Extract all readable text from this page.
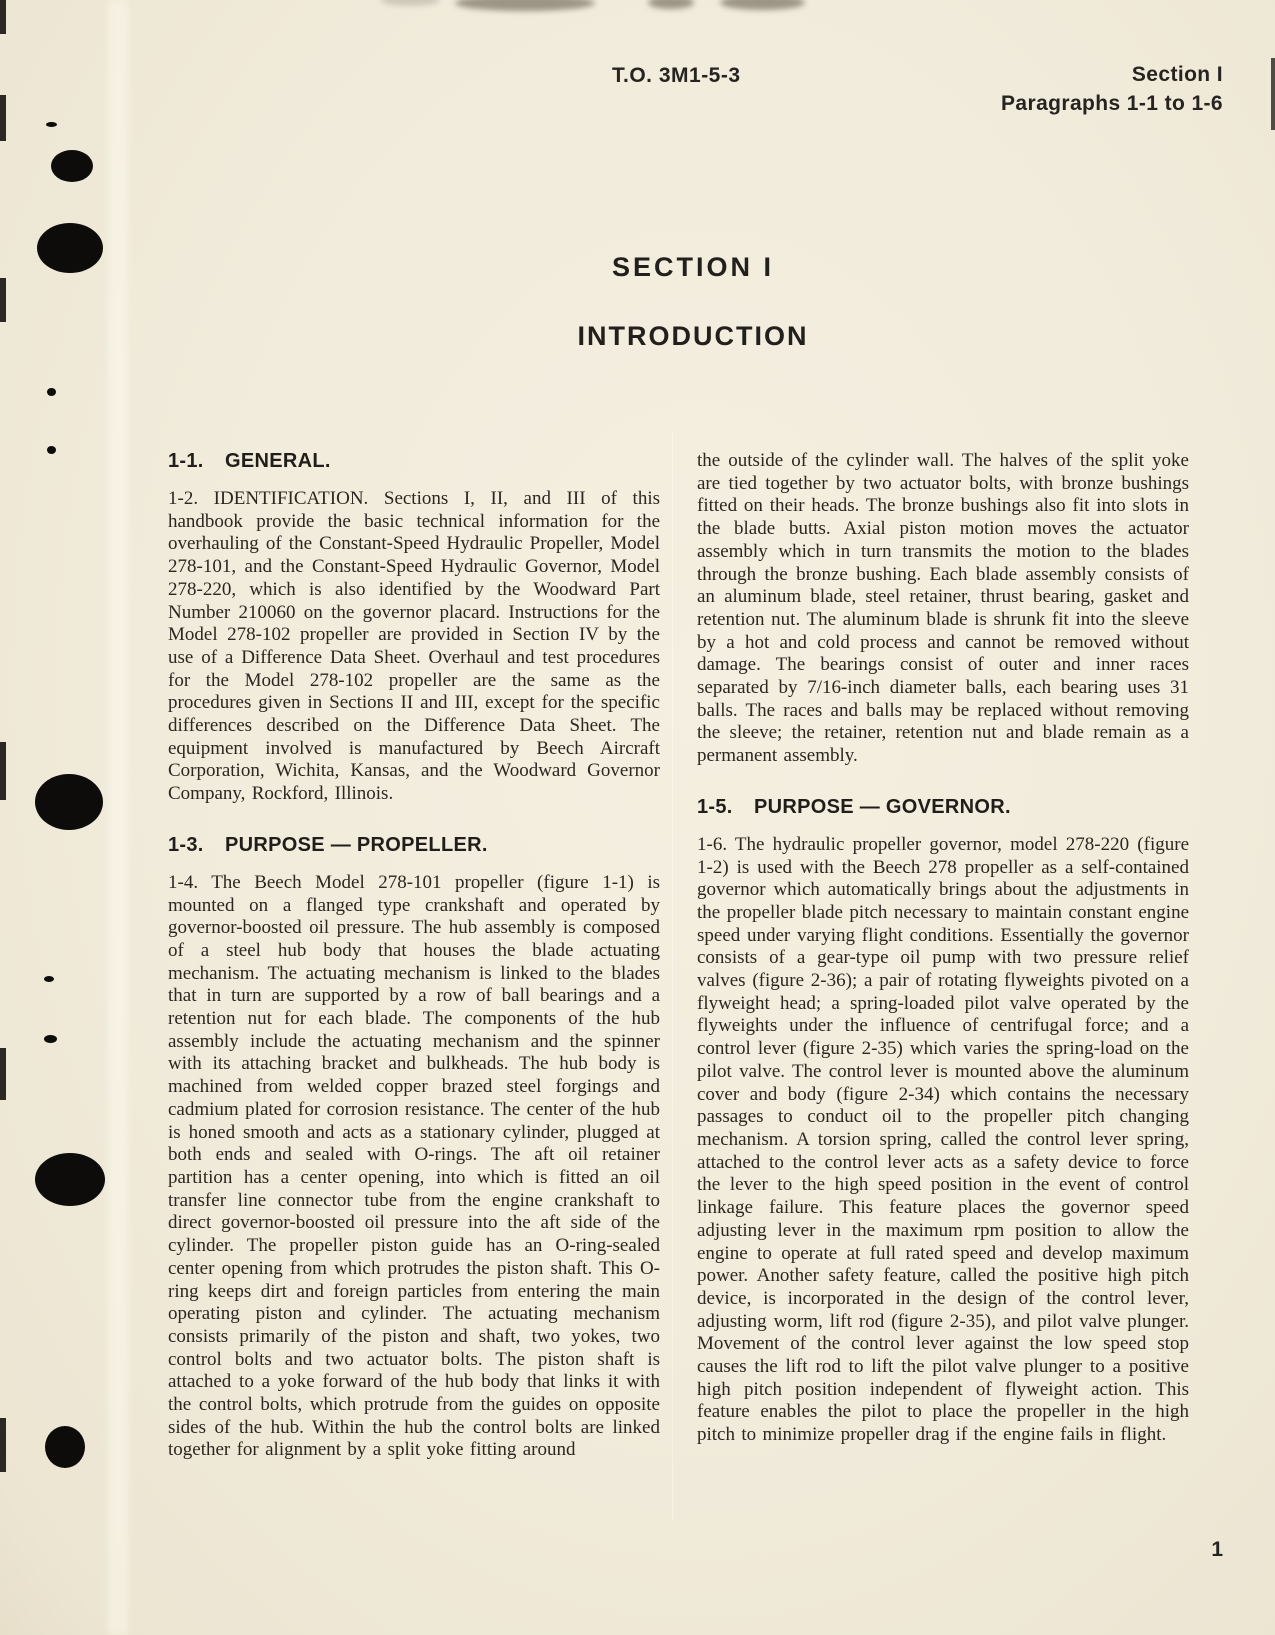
T.O. 3M1-5-3	Section I
Paragraphs 1-1 to 1-6
SECTION I
INTRODUCTION
1-1. GENERAL.

1-2. IDENTIFICATION. Sections I, II, and III of this handbook provide the basic technical information for the overhauling of the Constant-Speed Hydraulic Propeller, Model 278-101, and the Constant-Speed Hydraulic Governor, Model 278-220, which is also identified by the Woodward Part Number 210060 on the governor placard. Instructions for the Model 278-102 propeller are provided in Section IV by the use of a Difference Data Sheet. Overhaul and test procedures for the Model 278-102 propeller are the same as the procedures given in Sections II and III, except for the specific differences described on the Difference Data Sheet. The equipment involved is manufactured by Beech Aircraft Corporation, Wichita, Kansas, and the Woodward Governor Company, Rockford, Illinois.

1-3. PURPOSE — PROPELLER.

1-4. The Beech Model 278-101 propeller (figure 1-1) is mounted on a flanged type crankshaft and operated by governor-boosted oil pressure. The hub assembly is composed of a steel hub body that houses the blade actuating mechanism. The actuating mechanism is linked to the blades that in turn are supported by a row of ball bearings and a retention nut for each blade. The components of the hub assembly include the actuating mechanism and the spinner with its attaching bracket and bulkheads. The hub body is machined from welded copper brazed steel forgings and cadmium plated for corrosion resistance. The center of the hub is honed smooth and acts as a stationary cylinder, plugged at both ends and sealed with O-rings. The aft oil retainer partition has a center opening, into which is fitted an oil transfer line connector tube from the engine crankshaft to direct governor-boosted oil pressure into the aft side of the cylinder. The propeller piston guide has an O-ring-sealed center opening from which protrudes the piston shaft. This O-ring keeps dirt and foreign particles from entering the main operating piston and cylinder. The actuating mechanism consists primarily of the piston and shaft, two yokes, two control bolts and two actuator bolts. The piston shaft is attached to a yoke forward of the hub body that links it with the control bolts, which protrude from the guides on opposite sides of the hub. Within the hub the control bolts are linked together for alignment by a split yoke fitting around

the outside of the cylinder wall. The halves of the split yoke are tied together by two actuator bolts, with bronze bushings fitted on their heads. The bronze bushings also fit into slots in the blade butts. Axial piston motion moves the actuator assembly which in turn transmits the motion to the blades through the bronze bushing. Each blade assembly consists of an aluminum blade, steel retainer, thrust bearing, gasket and retention nut. The aluminum blade is shrunk fit into the sleeve by a hot and cold process and cannot be removed without damage. The bearings consist of outer and inner races separated by 7/16-inch diameter balls, each bearing uses 31 balls. The races and balls may be replaced without removing the sleeve; the retainer, retention nut and blade remain as a permanent assembly.

1-5. PURPOSE — GOVERNOR.

1-6. The hydraulic propeller governor, model 278-220 (figure 1-2) is used with the Beech 278 propeller as a self-contained governor which automatically brings about the adjustments in the propeller blade pitch necessary to maintain constant engine speed under varying flight conditions. Essentially the governor consists of a gear-type oil pump with two pressure relief valves (figure 2-36); a pair of rotating flyweights pivoted on a flyweight head; a spring-loaded pilot valve operated by the flyweights under the influence of centrifugal force; and a control lever (figure 2-35) which varies the spring-load on the pilot valve. The control lever is mounted above the aluminum cover and body (figure 2-34) which contains the necessary passages to conduct oil to the propeller pitch changing mechanism. A torsion spring, called the control lever spring, attached to the control lever acts as a safety device to force the lever to the high speed position in the event of control linkage failure. This feature places the governor speed adjusting lever in the maximum rpm position to allow the engine to operate at full rated speed and develop maximum power. Another safety feature, called the positive high pitch device, is incorporated in the design of the control lever, adjusting worm, lift rod (figure 2-35), and pilot valve plunger. Movement of the control lever against the low speed stop causes the lift rod to lift the pilot valve plunger to a positive high pitch position independent of flyweight action. This feature enables the pilot to place the propeller in the high pitch to minimize propeller drag if the engine fails in flight.

1
